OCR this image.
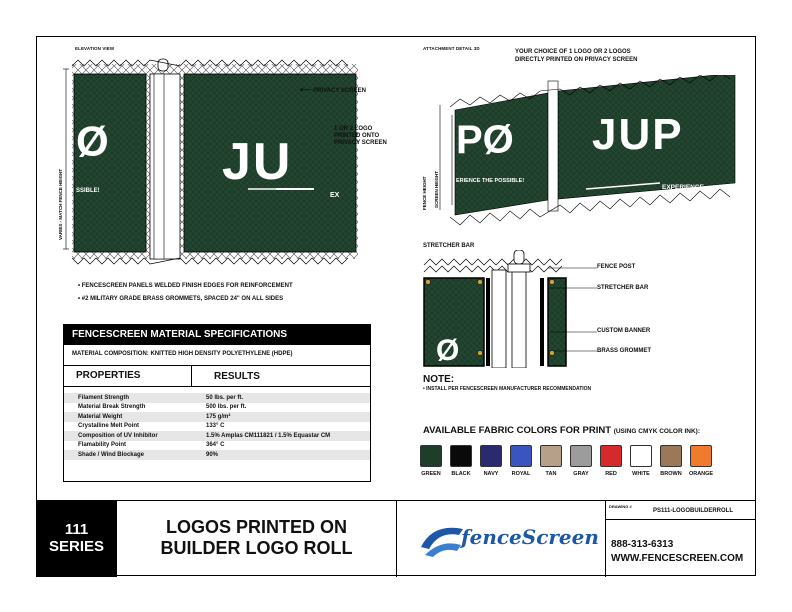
ELEVATION VIEW
Ø
SSIBLE! JU
EX
VARIES - MATCH FENCE HEIGHT
⟵ PRIVACY SCREEN
1 OR 2 LOGO
PRINTED ONTO
PRIVACY SCREEN
• FENCESCREEN PANELS WELDED FINISH EDGES FOR REINFORCEMENT
• #2 MILITARY GRADE BRASS GROMMETS, SPACED 24" ON ALL SIDES
FENCESCREEN MATERIAL SPECIFICATIONS
MATERIAL COMPOSITION: KNITTED HIGH DENSITY POLYETHYLENE (HDPE)
PROPERTIES	RESULTS
Filament Strength	50 lbs. per ft.
Material Break Strength	500 lbs. per ft.
Material Weight	175 g/m²
Crystalline Melt Point	133° C
Composition of UV Inhibitor	1.5% Amplas CM111821 / 1.5% Equastar CM
Flamability Point	364° C
Shade / Wind Blockage	90%
ATTACHMENT DETAIL 3D
YOUR CHOICE OF 1 LOGO OR 2 LOGOS
DIRECTLY PRINTED ON PRIVACY SCREEN
FENCE HEIGHT	SCREEN HEIGHT
PØ
ERIENCE THE POSSIBLE!
JUP
EXPERIENCE
STRETCHER BAR
Ø
FENCE POST
STRETCHER BAR
CUSTOM BANNER
BRASS GROMMET
NOTE:
• INSTALL PER FENCESCREEN MANUFACTURER RECOMMENDATION
AVAILABLE FABRIC COLORS FOR PRINT (USING CMYK COLOR INK):
GREEN BLACK NAVY ROYAL	TAN	GRAY	RED	WHITE BROWN ORANGE
111
SERIES
LOGOS PRINTED ON
BUILDER LOGO ROLL	fenceScreen
DRAWING #
PS111-LOGOBUILDERROLL
888-313-6313
WWW.FENCESCREEN.COM
